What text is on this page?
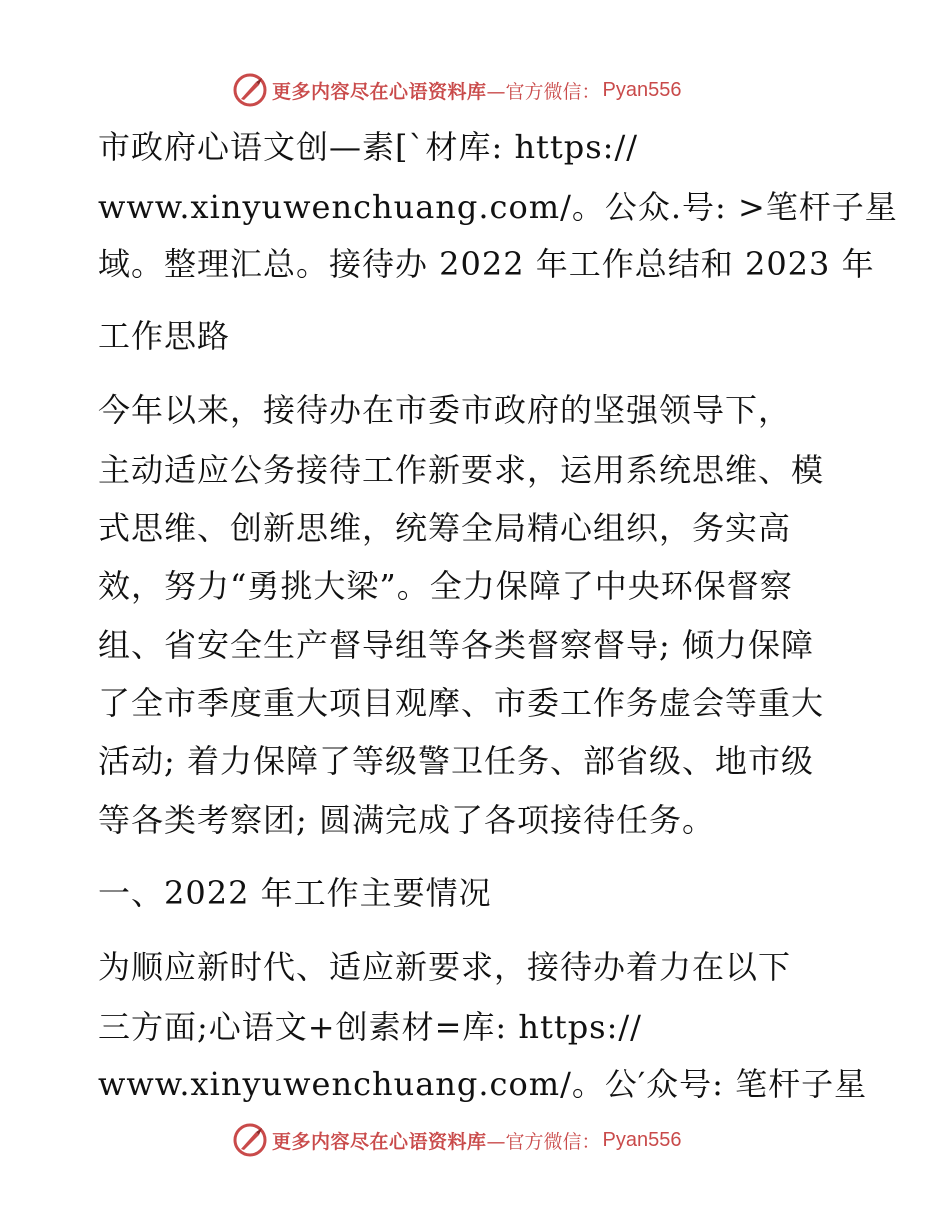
更多内容尽在心语资料库 —官方微信： Pyan556
市政府心语文创—素[`材库: https://
www.xinyuwenchuang.com/。公众.号: >笔杆子星
域。整理汇总。接待办 2022 年工作总结和 2023 年
工作思路
今年以来，接待办在市委市政府的坚强领导下，
主动适应公务接待工作新要求，运用系统思维、模
式思维、创新思维，统筹全局精心组织，务实高
效，努力“勇挑大梁”。全力保障了中央环保督察
组、省安全生产督导组等各类督察督导; 倾力保障
了全市季度重大项目观摩、市委工作务虚会等重大
活动; 着力保障了等级警卫任务、部省级、地市级
等各类考察团; 圆满完成了各项接待任务。
一、2022 年工作主要情况
为顺应新时代、适应新要求，接待办着力在以下
三方面;心语文+创素材=库: https://
www.xinyuwenchuang.com/。公′众号: 笔杆子星
更多内容尽在心语资料库 —官方微信： Pyan556
